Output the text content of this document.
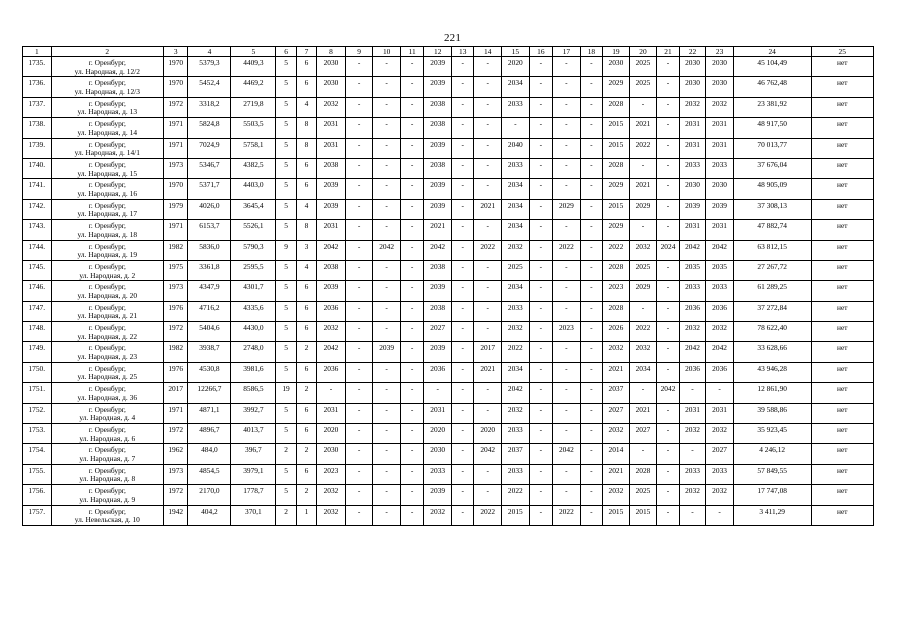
221
1	2	3	4	5	6	7	8	9	10	11	12	13	14	15	16	17	18	19	20	21	22	23	24	25
1735.	г. Оренбург,
ул. Народная, д. 12/2	1970	5379,3	4409,3	5	6	2030	-	-	-	2039	-	-	2020	-	-	-	2030	2025	-	2030	2030	45 104,49	нет
1736.	г. Оренбург,
ул. Народная, д. 12/3	1970	5452,4	4469,2	5	6	2030	-	-	-	2039	-	-	2034	-	-	-	2029	2025	-	2030	2030	46 762,48	нет
1737.	г. Оренбург,
ул. Народная, д. 13	1972	3318,2	2719,8	5	4	2032	-	-	-	2038	-	-	2033	-	-	-	2028	-	-	2032	2032	23 381,92	нет
1738.	г. Оренбург,
ул. Народная, д. 14	1971	5824,8	5503,5	5	8	2031	-	-	-	2038	-	-	-	-	-	-	2015	2021	-	2031	2031	48 917,50	нет
1739.	г. Оренбург,
ул. Народная, д. 14/1	1971	7024,9	5758,1	5	8	2031	-	-	-	2039	-	-	2040	-	-	-	2015	2022	-	2031	2031	70 013,77	нет
1740.	г. Оренбург,
ул. Народная, д. 15	1973	5346,7	4382,5	5	6	2038	-	-	-	2038	-	-	2033	-	-	-	2028	-	-	2033	2033	37 676,04	нет
1741.	г. Оренбург,
ул. Народная, д. 16	1970	5371,7	4403,0	5	6	2039	-	-	-	2039	-	-	2034	-	-	-	2029	2021	-	2030	2030	48 905,09	нет
1742.	г. Оренбург,
ул. Народная, д. 17	1979	4026,0	3645,4	5	4	2039	-	-	-	2039	-	2021	2034	-	2029	-	2015	2029	-	2039	2039	37 308,13	нет
1743.	г. Оренбург,
ул. Народная, д. 18	1971	6153,7	5526,1	5	8	2031	-	-	-	2021	-	-	2034	-	-	-	2029	-	-	2031	2031	47 882,74	нет
1744.	г. Оренбург,
ул. Народная, д. 19	1982	5836,0	5790,3	9	3	2042	-	2042	-	2042	-	2022	2032	-	2022	-	2022	2032	2024	2042	2042	63 812,15	нет
1745.	г. Оренбург,
ул. Народная, д. 2	1975	3361,8	2595,5	5	4	2038	-	-	-	2038	-	-	2025	-	-	-	2028	2025	-	2035	2035	27 267,72	нет
1746.	г. Оренбург,
ул. Народная, д. 20	1973	4347,9	4301,7	5	6	2039	-	-	-	2039	-	-	2034	-	-	-	2023	2029	-	2033	2033	61 289,25	нет
1747.	г. Оренбург,
ул. Народная, д. 21	1976	4716,2	4335,6	5	6	2036	-	-	-	2038	-	-	2033	-	-	-	2028	-	-	2036	2036	37 272,84	нет
1748.	г. Оренбург,
ул. Народная, д. 22	1972	5404,6	4430,0	5	6	2032	-	-	-	2027	-	-	2032	-	2023	-	2026	2022	-	2032	2032	78 622,40	нет
1749.	г. Оренбург,
ул. Народная, д. 23	1982	3938,7	2748,0	5	2	2042	-	2039	-	2039	-	2017	2022	-	-	-	2032	2032	-	2042	2042	33 628,66	нет
1750.	г. Оренбург,
ул. Народная, д. 25	1976	4530,8	3981,6	5	6	2036	-	-	-	2036	-	2021	2034	-	-	-	2021	2034	-	2036	2036	43 946,28	нет
1751.	г. Оренбург,
ул. Народная, д. 36	2017	12266,7	8586,5	19	2	-	-	-	-	-	-	-	2042	-	-	-	2037	-	2042	-	-	12 861,90	нет
1752.	г. Оренбург,
ул. Народная, д. 4	1971	4871,1	3992,7	5	6	2031	-	-	-	2031	-	-	2032	-	-	-	2027	2021	-	2031	2031	39 588,86	нет
1753.	г. Оренбург,
ул. Народная, д. 6	1972	4896,7	4013,7	5	6	2020	-	-	-	2020	-	2020	2033	-	-	-	2032	2027	-	2032	2032	35 923,45	нет
1754.	г. Оренбург,
ул. Народная, д. 7	1962	484,0	396,7	2	2	2030	-	-	-	2030	-	2042	2037	-	2042	-	2014	-	-	-	2027	4 246,12	нет
1755.	г. Оренбург,
ул. Народная, д. 8	1973	4854,5	3979,1	5	6	2023	-	-	-	2033	-	-	2033	-	-	-	2021	2028	-	2033	2033	57 849,55	нет
1756.	г. Оренбург,
ул. Народная, д. 9	1972	2170,0	1778,7	5	2	2032	-	-	-	2039	-	-	2022	-	-	-	2032	2025	-	2032	2032	17 747,08	нет
1757.	г. Оренбург,
ул. Невельская, д. 10	1942	404,2	370,1	2	1	2032	-	-	-	2032	-	2022	2015	-	2022	-	2015	2015	-	-	-	3 411,29	нет
